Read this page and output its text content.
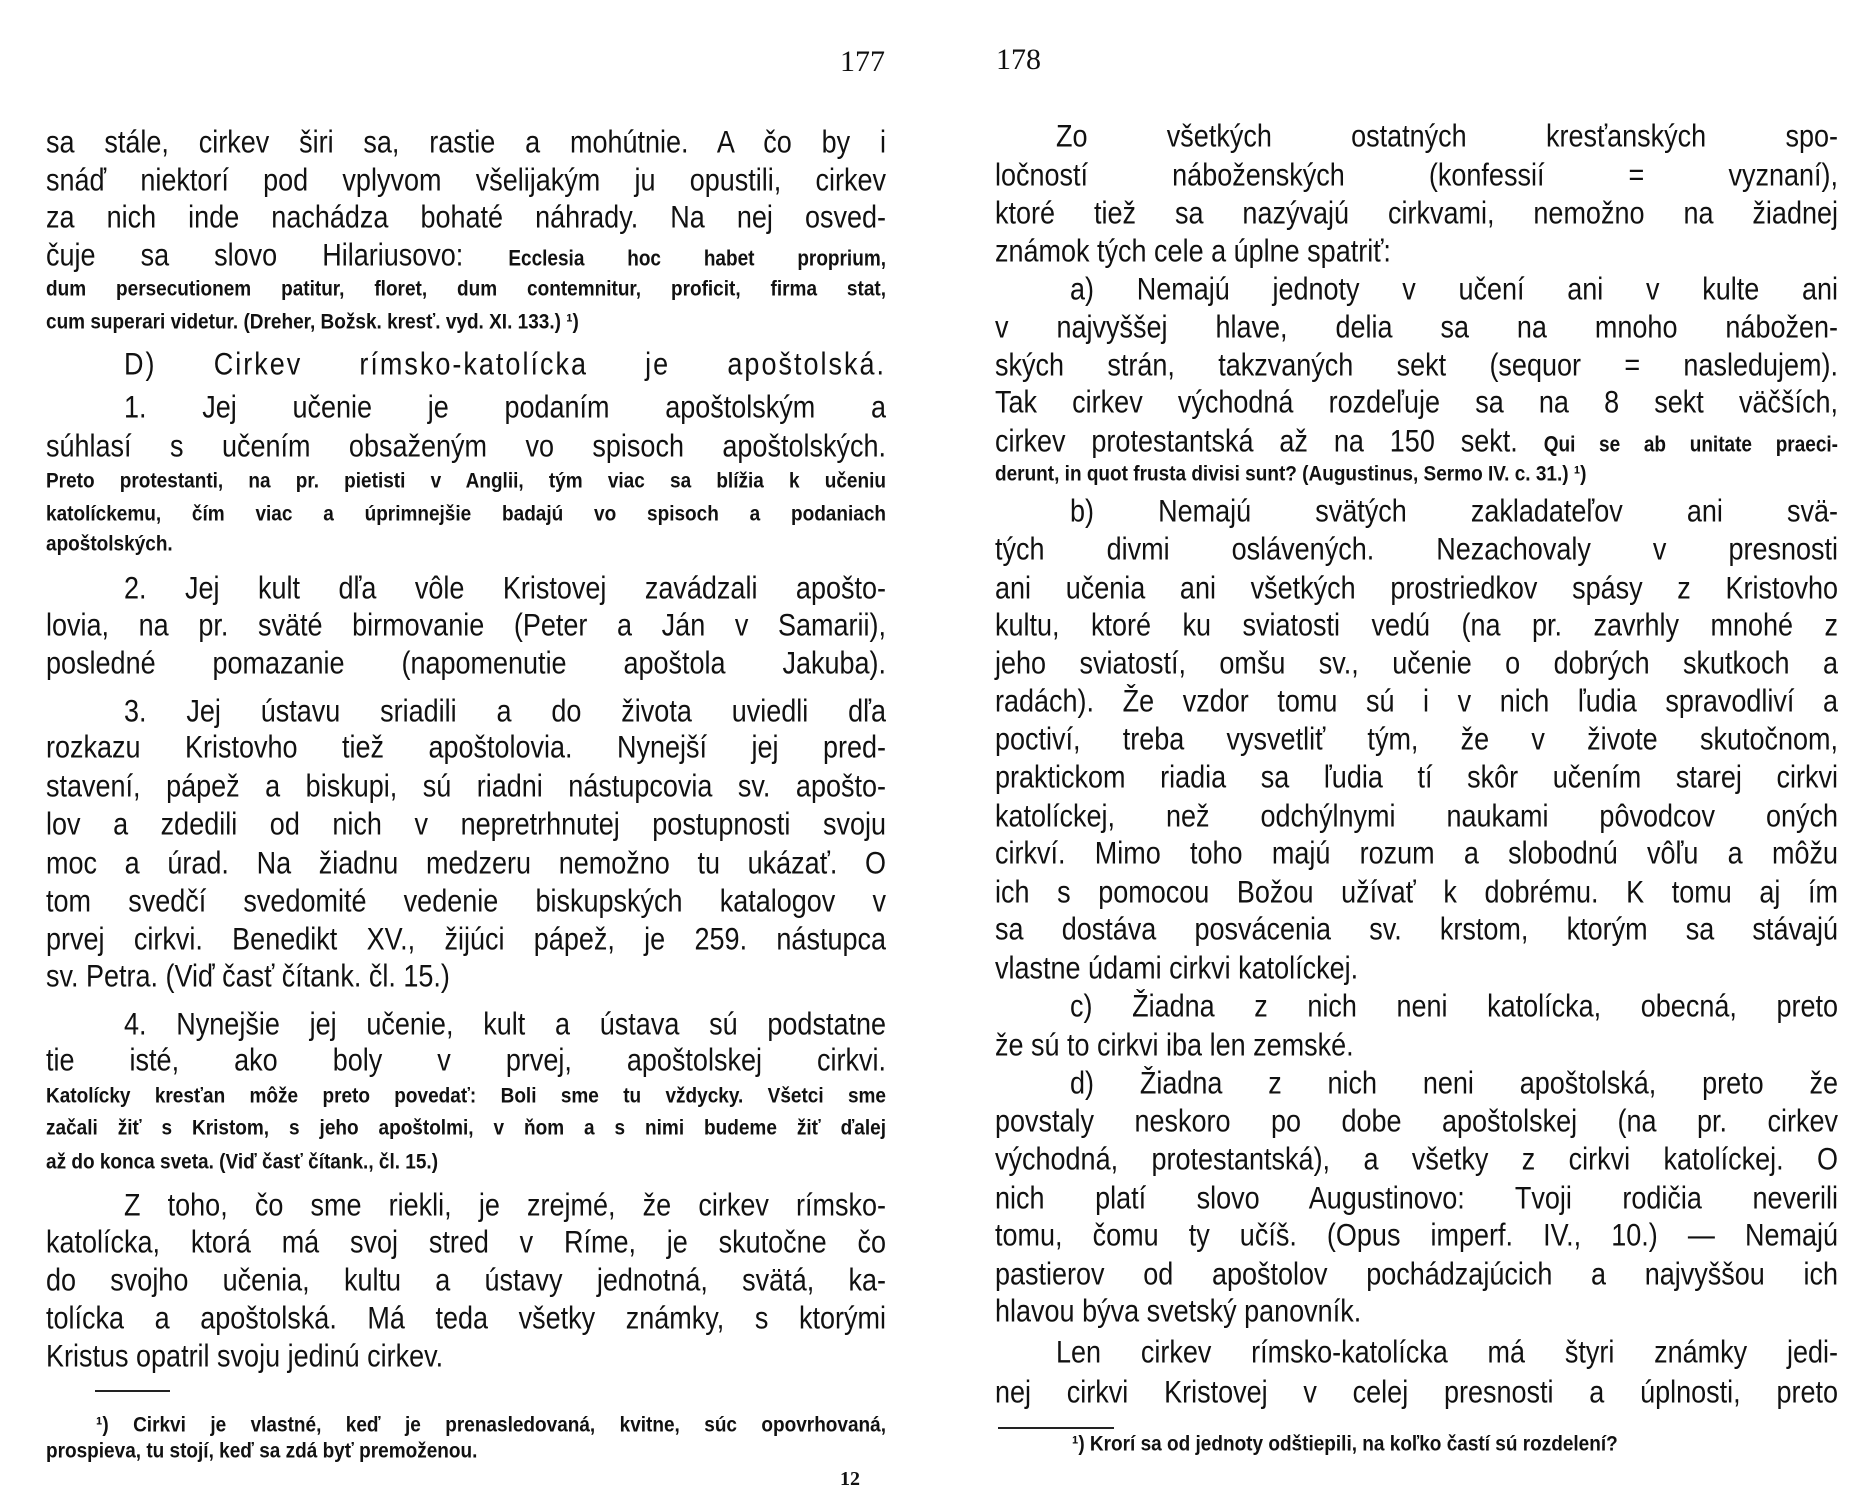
177
12
sa stále, cirkev širi sa, rastie a mohútnie. A čo by i
snáď niektorí pod vplyvom všelijakým ju opustili, cirkev
za nich inde nachádza bohaté náhrady. Na nej osved-
čuje sa slovo Hilariusovo: Ecclesia hoc habet proprium,
dum persecutionem patitur, floret, dum contemnitur, proficit, firma stat,
cum superari videtur. (Dreher, Božsk. kresť. vyd. XI. 133.) ¹)
D) Cirkev rímsko-katolícka je apoštolská.
1. Jej učenie je podaním apoštolským a
súhlasí s učením obsaženým vo spisoch apoštolských.
Preto protestanti, na pr. pietisti v Anglii, tým viac sa blížia k učeniu
katolíckemu, čím viac a úprimnejšie badajú vo spisoch a podaniach
apoštolských.
2. Jej kult dľa vôle Kristovej zavádzali apošto-
lovia, na pr. sväté birmovanie (Peter a Ján v Samarii),
posledné pomazanie (napomenutie apoštola Jakuba).
3. Jej ústavu sriadili a do života uviedli dľa
rozkazu Kristovho tiež apoštolovia. Nynejší jej pred-
stavení, pápež a biskupi, sú riadni nástupcovia sv. apošto-
lov a zdedili od nich v nepretrhnutej postupnosti svoju
moc a úrad. Na žiadnu medzeru nemožno tu ukázať. O
tom svedčí svedomité vedenie biskupských katalogov v
prvej cirkvi. Benedikt XV., žijúci pápež, je 259. nástupca
sv. Petra. (Viď časť čítank. čl. 15.)
4. Nynejšie jej učenie, kult a ústava sú podstatne
tie isté, ako boly v prvej, apoštolskej cirkvi.
Katolícky kresťan môže preto povedať: Boli sme tu vždycky. Všetci sme
začali žiť s Kristom, s jeho apoštolmi, v ňom a s nimi budeme žiť ďalej
až do konca sveta. (Viď časť čítank., čl. 15.)
Z toho, čo sme riekli, je zrejmé, že cirkev rímsko-
katolícka, ktorá má svoj stred v Ríme, je skutočne čo
do svojho učenia, kultu a ústavy jednotná, svätá, ka-
tolícka a apoštolská. Má teda všetky známky, s ktorými
Kristus opatril svoju jedinú cirkev.
¹) Cirkvi je vlastné, keď je prenasledovaná, kvitne, súc opovrhovaná,
prospieva, tu stojí, keď sa zdá byť premoženou.
178
Zo všetkých ostatných kresťanských spo-
ločností náboženských (konfessií = vyznaní),
ktoré tiež sa nazývajú cirkvami, nemožno na žiadnej
známok tých cele a úplne spatriť:
a) Nemajú jednoty v učení ani v kulte ani
v najvyššej hlave, delia sa na mnoho nábožen-
ských strán, takzvaných sekt (sequor = nasledujem).
Tak cirkev východná rozdeľuje sa na 8 sekt väčších,
cirkev protestantská až na 150 sekt. Qui se ab unitate praeci-
derunt, in quot frusta divisi sunt? (Augustinus, Sermo IV. c. 31.) ¹)
b) Nemajú svätých zakladateľov ani svä-
tých divmi oslávených. Nezachovaly v presnosti
ani učenia ani všetkých prostriedkov spásy z Kristovho
kultu, ktoré ku sviatosti vedú (na pr. zavrhly mnohé z
jeho sviatostí, omšu sv., učenie o dobrých skutkoch a
radách). Že vzdor tomu sú i v nich ľudia spravodliví a
poctiví, treba vysvetliť tým, že v živote skutočnom,
praktickom riadia sa ľudia tí skôr učením starej cirkvi
katolíckej, než odchýlnymi naukami pôvodcov oných
cirkví. Mimo toho majú rozum a slobodnú vôľu a môžu
ich s pomocou Božou užívať k dobrému. K tomu aj ím
sa dostáva posvácenia sv. krstom, ktorým sa stávajú
vlastne údami cirkvi katolíckej.
c) Žiadna z nich neni katolícka, obecná, preto
že sú to cirkvi iba len zemské.
d) Žiadna z nich neni apoštolská, preto že
povstaly neskoro po dobe apoštolskej (na pr. cirkev
východná, protestantská), a všetky z cirkvi katolíckej. O
nich platí slovo Augustinovo: Tvoji rodičia neverili
tomu, čomu ty učíš. (Opus imperf. IV., 10.) — Nemajú
pastierov od apoštolov pochádzajúcich a najvyššou ich
hlavou býva svetský panovník.
Len cirkev rímsko-katolícka má štyri známky jedi-
nej cirkvi Kristovej v celej presnosti a úplnosti, preto
¹) Krorí sa od jednoty odštiepili, na koľko častí sú rozdelení?
